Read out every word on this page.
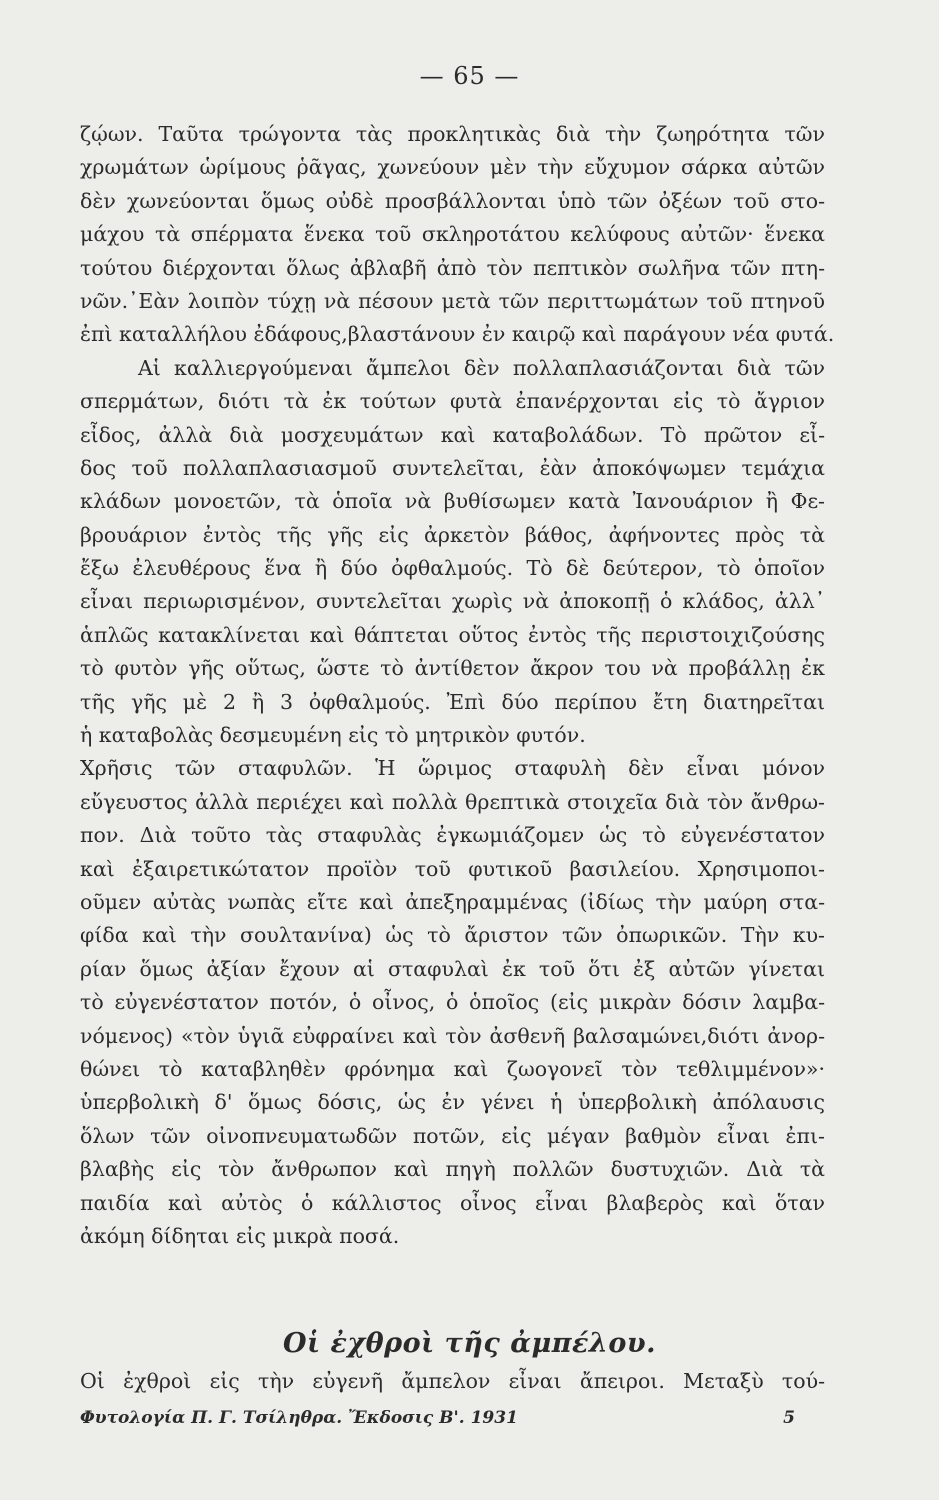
— 65 —
ζῴων. Ταῦτα τρώγοντα τὰς προκλητικὰς διὰ τὴν ζωηρότητα τῶν
χρωμάτων ὡρίμους ῥᾶγας, χωνεύουν μὲν τὴν εὔχυμον σάρκα αὐτῶν
δὲν χωνεύονται ὅμως οὐδὲ προσβάλλονται ὑπὸ τῶν ὀξέων τοῦ στο-
μάχου τὰ σπέρματα ἕνεκα τοῦ σκληροτάτου κελύφους αὐτῶν· ἕνεκα
τούτου διέρχονται ὅλως ἀβλαβῆ ἀπὸ τὸν πεπτικὸν σωλῆνα τῶν πτη-
νῶν.᾿Εὰν λοιπὸν τύχῃ νὰ πέσουν μετὰ τῶν περιττωμάτων τοῦ πτηνοῦ
ἐπὶ καταλλήλου ἐδάφους,βλαστάνουν ἐν καιρῷ καὶ παράγουν νέα φυτά.
Αἱ καλλιεργούμεναι ἄμπελοι δὲν πολλαπλασιάζονται διὰ τῶν
σπερμάτων, διότι τὰ ἐκ τούτων φυτὰ ἐπανέρχονται εἰς τὸ ἄγριον
εἶδος, ἀλλὰ διὰ μοσχευμάτων καὶ καταβολάδων. Τὸ πρῶτον εἶ-
δος τοῦ πολλαπλασιασμοῦ συντελεῖται, ἐὰν ἀποκόψωμεν τεμάχια
κλάδων μονοετῶν, τὰ ὁποῖα νὰ βυθίσωμεν κατὰ Ἰανουάριον ἢ Φε-
βρουάριον ἐντὸς τῆς γῆς εἰς ἀρκετὸν βάθος, ἀφήνοντες πρὸς τὰ
ἔξω ἐλευθέρους ἕνα ἢ δύο ὀφθαλμούς. Τὸ δὲ δεύτερον, τὸ ὁποῖον
εἶναι περιωρισμένον, συντελεῖται χωρὶς νὰ ἀποκοπῇ ὁ κλάδος, ἀλλ᾿
ἁπλῶς κατακλίνεται καὶ θάπτεται οὕτος ἐντὸς τῆς περιστοιχιζούσης
τὸ φυτὸν γῆς οὕτως, ὥστε τὸ ἀντίθετον ἄκρον του νὰ προβάλλῃ ἐκ
τῆς γῆς μὲ 2 ἢ 3 ὀφθαλμούς. Ἐπὶ δύο περίπου ἔτη διατηρεῖται
ἡ καταβολὰς δεσμευμένη εἰς τὸ μητρικὸν φυτόν.
Χρῆσις τῶν σταφυλῶν. Ἡ ὥριμος σταφυλὴ δὲν εἶναι μόνον
εὔγευστος ἀλλὰ περιέχει καὶ πολλὰ θρεπτικὰ στοιχεῖα διὰ τὸν ἄνθρω-
πον. Διὰ τοῦτο τὰς σταφυλὰς ἐγκωμιάζομεν ὡς τὸ εὐγενέστατον
καὶ ἐξαιρετικώτατον προϊὸν τοῦ φυτικοῦ βασιλείου. Χρησιμοποι-
οῦμεν αὐτὰς νωπὰς εἴτε καὶ ἀπεξηραμμένας (ἰδίως τὴν μαύρη στα-
φίδα καὶ τὴν σουλτανίνα) ὡς τὸ ἄριστον τῶν ὀπωρικῶν. Τὴν κυ-
ρίαν ὅμως ἀξίαν ἔχουν αἱ σταφυλαὶ ἐκ τοῦ ὅτι ἐξ αὐτῶν γίνεται
τὸ εὐγενέστατον ποτόν, ὁ οἶνος, ὁ ὁποῖος (εἰς μικρὰν δόσιν λαμβα-
νόμενος) «τὸν ὑγιᾶ εὐφραίνει καὶ τὸν ἀσθενῆ βαλσαμώνει,διότι ἀνορ-
θώνει τὸ καταβληθὲν φρόνημα καὶ ζωογονεῖ τὸν τεθλιμμένον»·
ὑπερβολικὴ δ' ὅμως δόσις, ὡς ἐν γένει ἡ ὑπερβολικὴ ἀπόλαυσις
ὅλων τῶν οἰνοπνευματωδῶν ποτῶν, εἰς μέγαν βαθμὸν εἶναι ἐπι-
βλαβὴς εἰς τὸν ἄνθρωπον καὶ πηγὴ πολλῶν δυστυχιῶν. Διὰ τὰ
παιδία καὶ αὐτὸς ὁ κάλλιστος οἶνος εἶναι βλαβερὸς καὶ ὅταν
ἀκόμη δίδηται εἰς μικρὰ ποσά.
Οἱ ἐχθροὶ τῆς ἀμπέλου.
Οἱ ἐχθροὶ εἰς τὴν εὐγενῆ ἄμπελον εἶναι ἄπειροι. Μεταξὺ τού-
Φυτολογία Π. Γ. Τσίληθρα. Ἔκδοσις Β'. 1931	5
